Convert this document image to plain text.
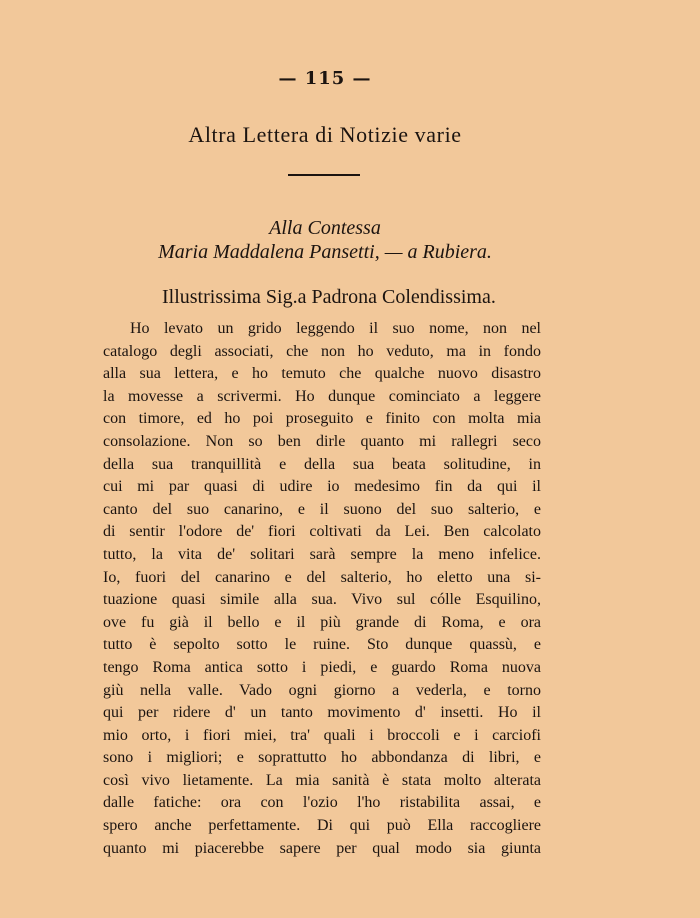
— 115 —
Altra Lettera di Notizie varie
Alla Contessa
Maria Maddalena Pansetti, — a Rubiera.
Illustrissima Sig.a Padrona Colendissima.
Ho levato un grido leggendo il suo nome, non nel
catalogo degli associati, che non ho veduto, ma in fondo
alla sua lettera, e ho temuto che qualche nuovo disastro
la movesse a scrivermi. Ho dunque cominciato a leggere
con timore, ed ho poi proseguito e finito con molta mia
consolazione. Non so ben dirle quanto mi rallegri seco
della sua tranquillità e della sua beata solitudine, in
cui mi par quasi di udire io medesimo fin da qui il
canto del suo canarino, e il suono del suo salterio, e
di sentir l'odore de' fiori coltivati da Lei. Ben calcolato
tutto, la vita de' solitari sarà sempre la meno infelice.
Io, fuori del canarino e del salterio, ho eletto una si-
tuazione quasi simile alla sua. Vivo sul cólle Esquilino,
ove fu già il bello e il più grande di Roma, e ora
tutto è sepolto sotto le ruine. Sto dunque quassù, e
tengo Roma antica sotto i piedi, e guardo Roma nuova
giù nella valle. Vado ogni giorno a vederla, e torno
qui per ridere d' un tanto movimento d' insetti. Ho il
mio orto, i fiori miei, tra' quali i broccoli e i carciofi
sono i migliori; e soprattutto ho abbondanza di libri, e
così vivo lietamente. La mia sanità è stata molto alterata
dalle fatiche: ora con l'ozio l'ho ristabilita assai, e
spero anche perfettamente. Di qui può Ella raccogliere
quanto mi piacerebbe sapere per qual modo sia giunta
